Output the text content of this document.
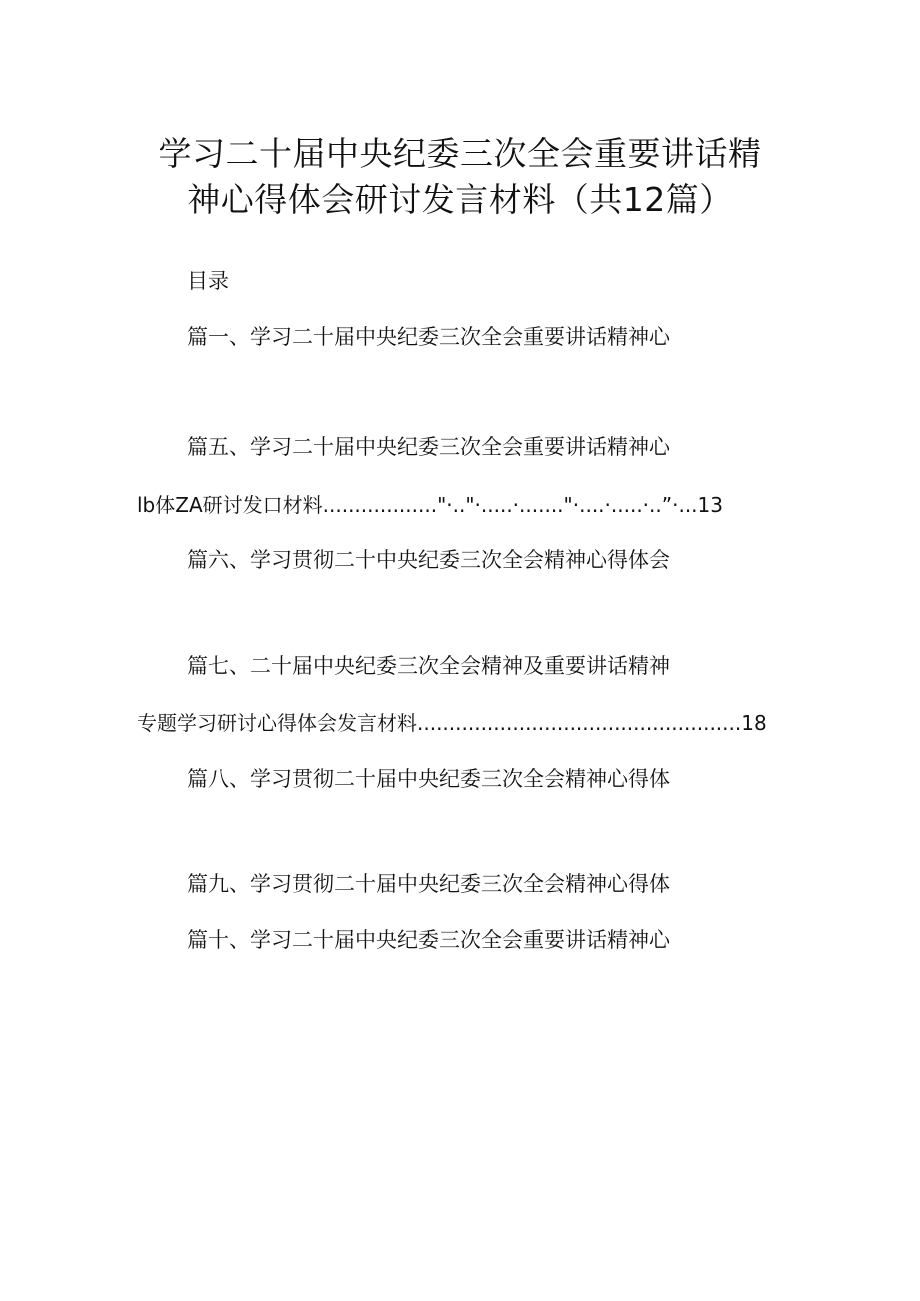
学习二十届中央纪委三次全会重要讲话精
神心得体会研讨发言材料（共12篇）
目录
篇一、学习二十届中央纪委三次全会重要讲话精神心
篇五、学习二十届中央纪委三次全会重要讲话精神心
lb体ZA研讨发口材料.................."·.."·.....·......."·....·.....·..”·...13
篇六、学习贯彻二十中央纪委三次全会精神心得体会
篇七、二十届中央纪委三次全会精神及重要讲话精神
专题学习研讨心得体会发言材料...................................................18
篇八、学习贯彻二十届中央纪委三次全会精神心得体
篇九、学习贯彻二十届中央纪委三次全会精神心得体
篇十、学习二十届中央纪委三次全会重要讲话精神心
